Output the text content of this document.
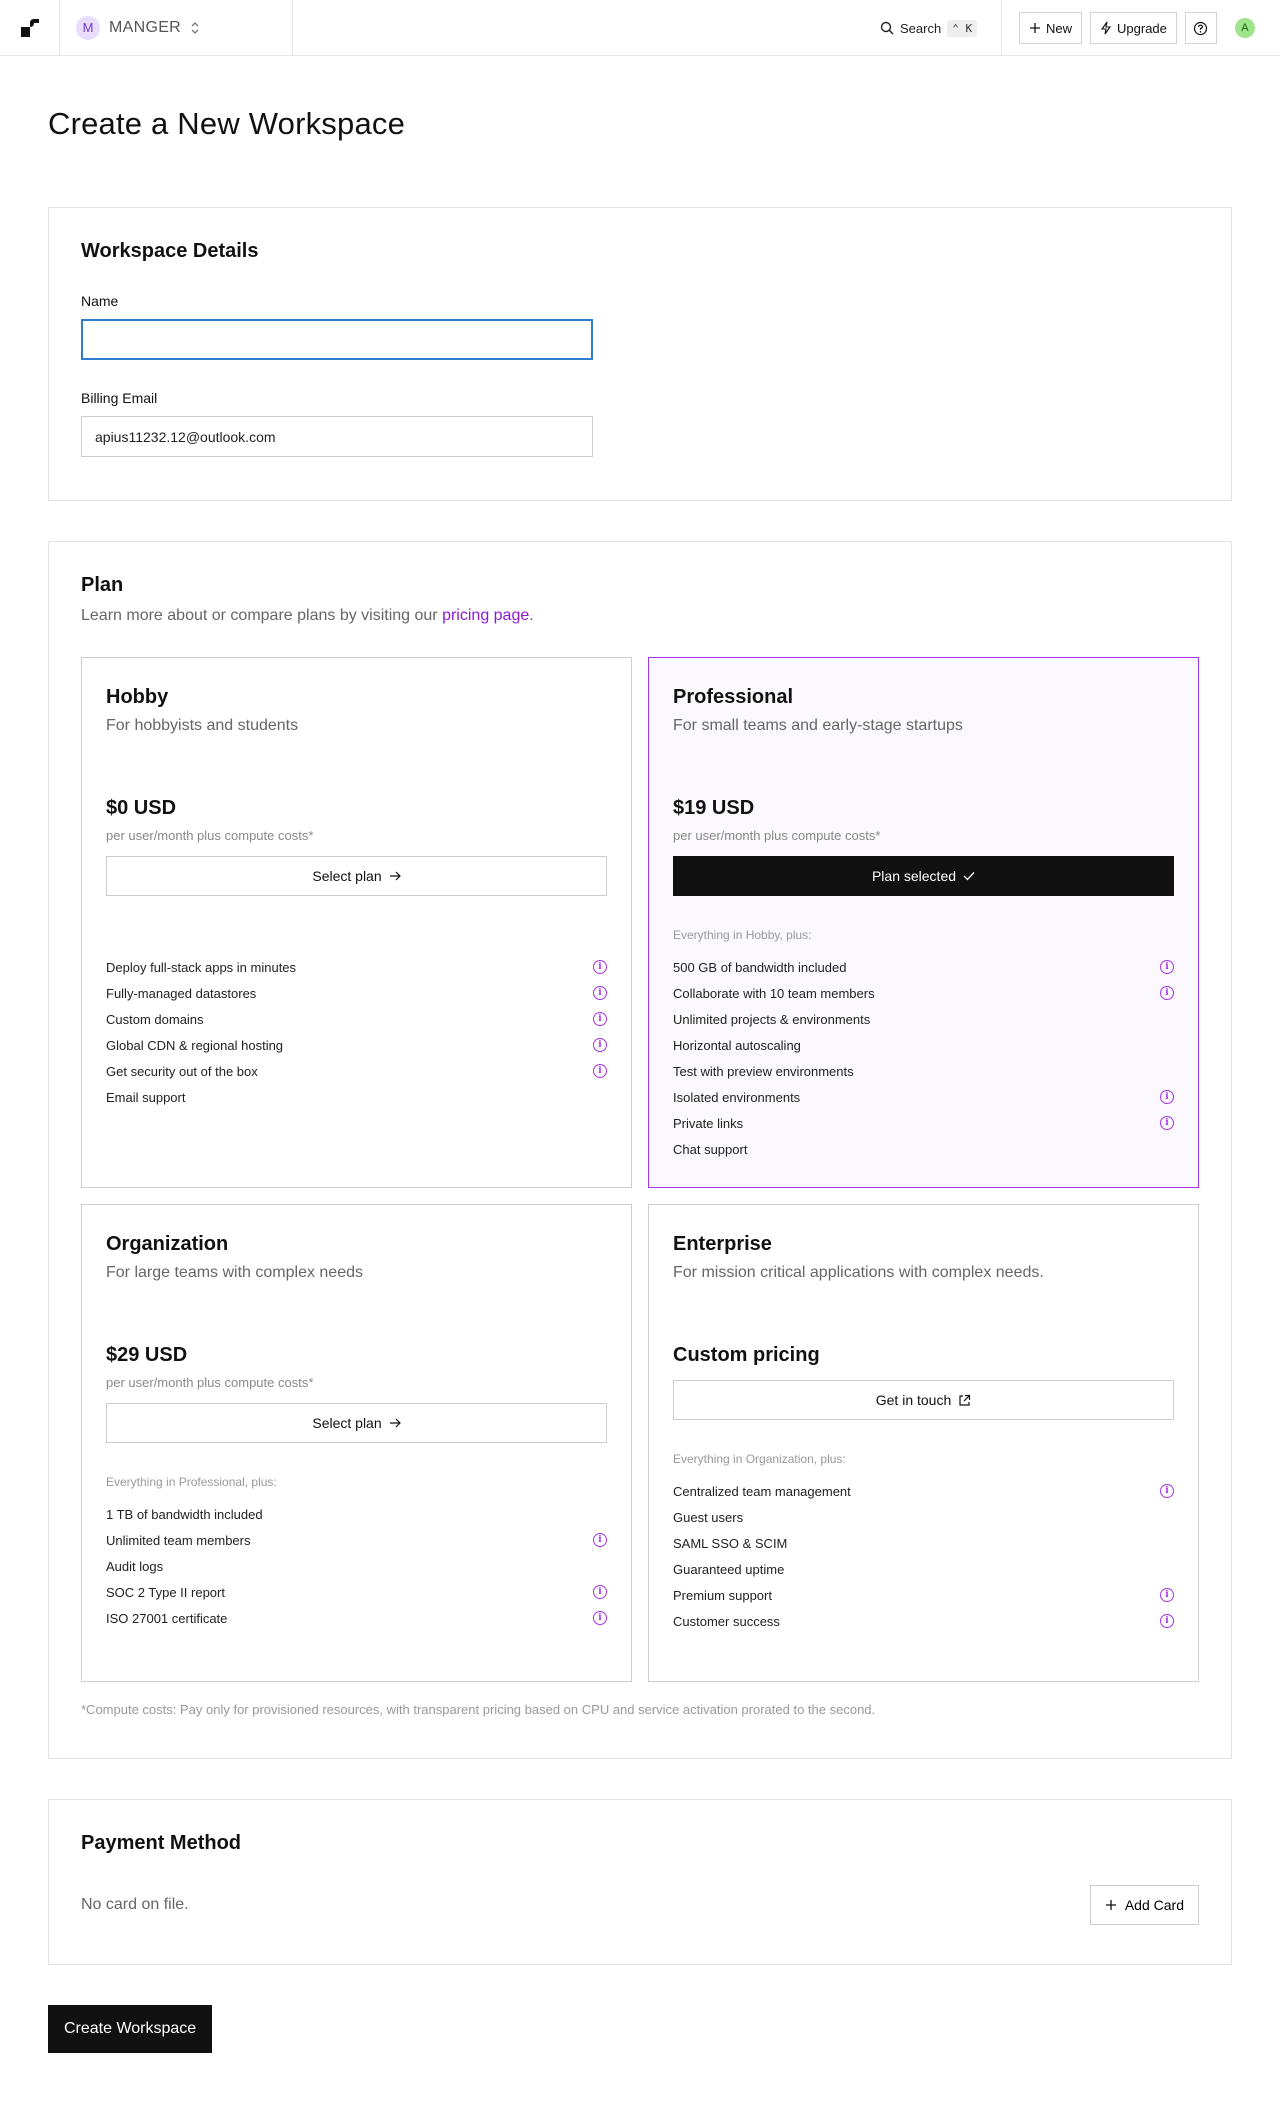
M MANGER	Search	⌃ K	New	Upgrade	A
Create a New Workspace
Workspace Details
Name
Billing Email
apius11232.12@outlook.com
Plan
Learn more about or compare plans by visiting our pricing page.
Hobby
For hobbyists and students
$0 USD
per user/month plus compute costs*
Select plan
Deploy full-stack apps in minutes	i
Fully-managed datastores	i
Custom domains	i
Global CDN & regional hosting	i
Get security out of the box	i
Email support
Professional
For small teams and early-stage startups
$19 USD
per user/month plus compute costs*
Plan selected
Everything in Hobby, plus:
500 GB of bandwidth included	i
Collaborate with 10 team members	i
Unlimited projects & environments
Horizontal autoscaling
Test with preview environments
Isolated environments	i
Private links	i
Chat support
Organization
For large teams with complex needs
$29 USD
per user/month plus compute costs*
Select plan
Everything in Professional, plus:
1 TB of bandwidth included
Unlimited team members	i
Audit logs
SOC 2 Type II report	i
ISO 27001 certificate	i
Enterprise
For mission critical applications with complex needs.
Custom pricing
Get in touch
Everything in Organization, plus:
Centralized team management	i
Guest users
SAML SSO & SCIM
Guaranteed uptime
Premium support	i
Customer success	i
*Compute costs: Pay only for provisioned resources, with transparent pricing based on CPU and service activation prorated to the second.
Payment Method
No card on file.	Add Card
Create Workspace
